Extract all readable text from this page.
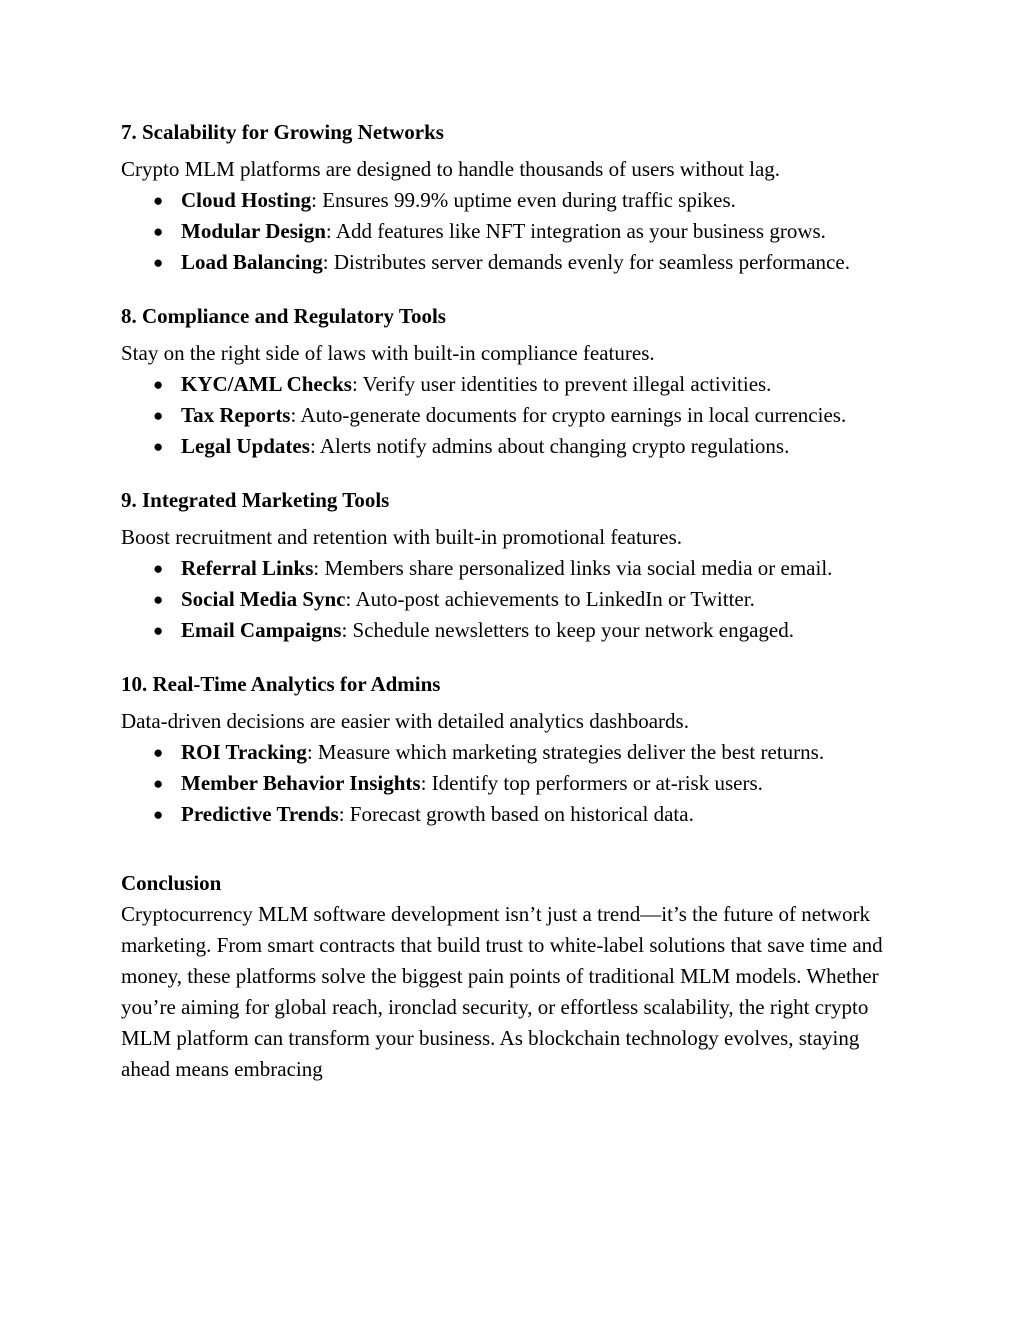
7. Scalability for Growing Networks

Crypto MLM platforms are designed to handle thousands of users without lag.

● Cloud Hosting: Ensures 99.9% uptime even during traffic spikes.
● Modular Design: Add features like NFT integration as your business grows.
● Load Balancing: Distributes server demands evenly for seamless performance.
8. Compliance and Regulatory Tools

Stay on the right side of laws with built-in compliance features.

● KYC/AML Checks: Verify user identities to prevent illegal activities.
● Tax Reports: Auto-generate documents for crypto earnings in local currencies.
● Legal Updates: Alerts notify admins about changing crypto regulations.
9. Integrated Marketing Tools

Boost recruitment and retention with built-in promotional features.

● Referral Links: Members share personalized links via social media or email.
● Social Media Sync: Auto-post achievements to LinkedIn or Twitter.
● Email Campaigns: Schedule newsletters to keep your network engaged.
10. Real-Time Analytics for Admins

Data-driven decisions are easier with detailed analytics dashboards.

● ROI Tracking: Measure which marketing strategies deliver the best returns.
● Member Behavior Insights: Identify top performers or at-risk users.
● Predictive Trends: Forecast growth based on historical data.
Conclusion

Cryptocurrency MLM software development isn’t just a trend—it’s the future of network marketing. From smart contracts that build trust to white-label solutions that save time and money, these platforms solve the biggest pain points of traditional MLM models. Whether you’re aiming for global reach, ironclad security, or effortless scalability, the right crypto MLM platform can transform your business. As blockchain technology evolves, staying ahead means embracing
